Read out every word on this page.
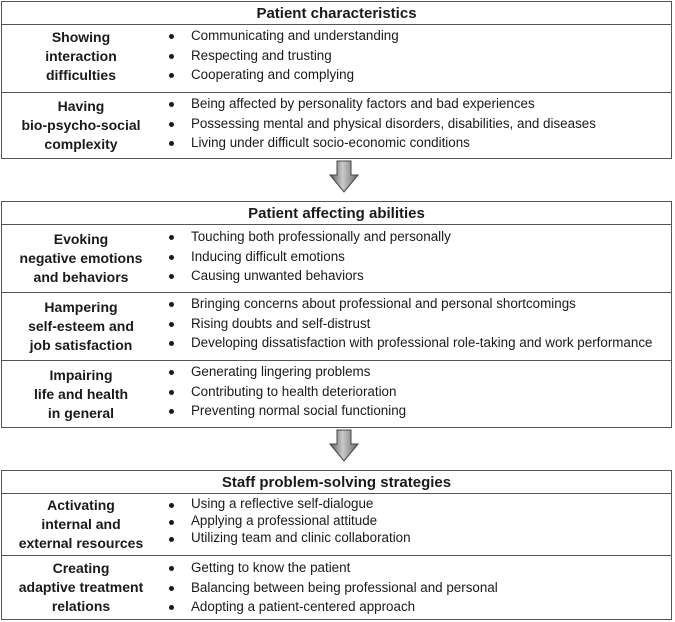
Patient characteristics
Showing
interaction
difficulties
Communicating and understanding
Respecting and trusting
Cooperating and complying
Having
bio-psycho-social
complexity
Being affected by personality factors and bad experiences
Possessing mental and physical disorders, disabilities, and diseases
Living under difficult socio-economic conditions
Patient affecting abilities
Evoking
negative emotions
and behaviors
Touching both professionally and personally
Inducing difficult emotions
Causing unwanted behaviors
Hampering
self-esteem and
job satisfaction
Bringing concerns about professional and personal shortcomings
Rising doubts and self-distrust
Developing dissatisfaction with professional role-taking and work performance
Impairing
life and health
in general
Generating lingering problems
Contributing to health deterioration
Preventing normal social functioning
Staff problem-solving strategies
Activating
internal and
external resources
Using a reflective self-dialogue
Applying a professional attitude
Utilizing team and clinic collaboration
Creating
adaptive treatment
relations
Getting to know the patient
Balancing between being professional and personal
Adopting a patient-centered approach
